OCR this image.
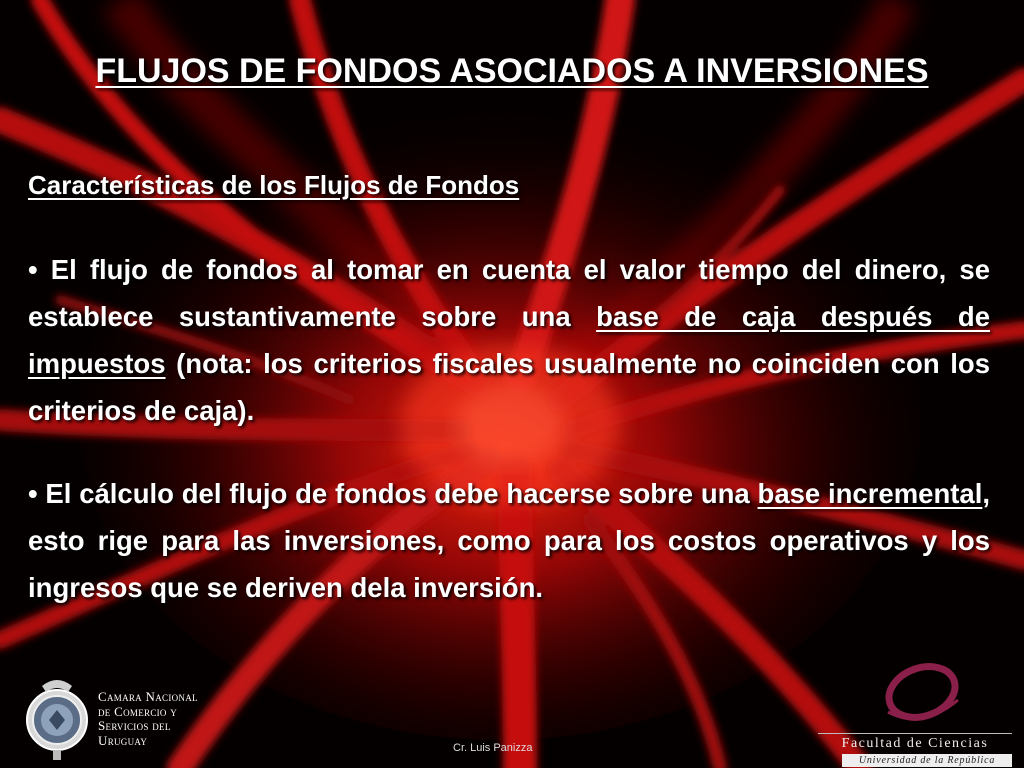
FLUJOS DE FONDOS ASOCIADOS A INVERSIONES
Características de los Flujos de Fondos
• El flujo de fondos al tomar en cuenta el valor tiempo del dinero, se establece sustantivamente sobre una base de caja después de impuestos (nota: los criterios fiscales usualmente no coinciden con los criterios de caja).
• El cálculo del flujo de fondos debe hacerse sobre una base incremental, esto rige para las inversiones, como para los costos operativos y los ingresos que se deriven dela inversión.
Camara Nacional
de Comercio y
Servicios del
Uruguay
Cr. Luis Panizza	Facultad de Ciencias
Universidad de la República
